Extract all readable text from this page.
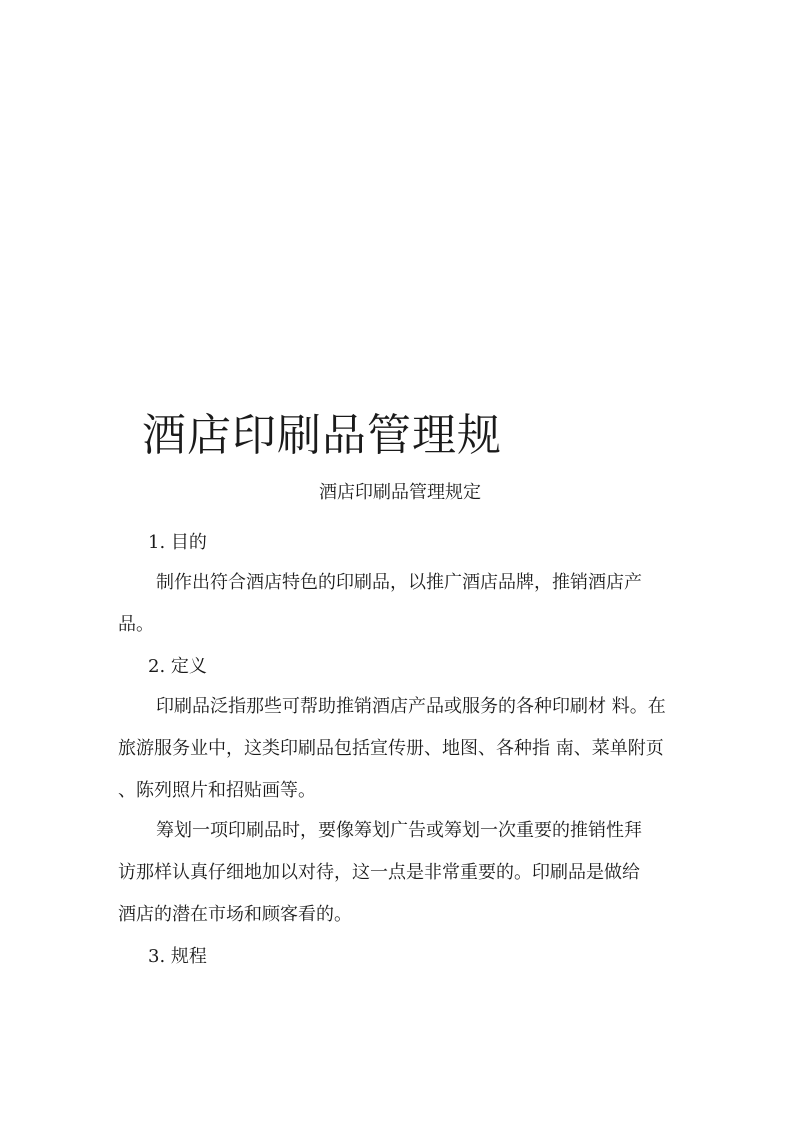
酒店印刷品管理规

酒店印刷品管理规定

1. 目的

制作出符合酒店特色的印刷品，以推广酒店品牌，推销酒店产
品。

2. 定义

印刷品泛指那些可帮助推销酒店产品或服务的各种印刷材 料。在
旅游服务业中，这类印刷品包括宣传册、地图、各种指 南、菜单附页
、陈列照片和招贴画等。
筹划一项印刷品时，要像筹划广告或筹划一次重要的推销性拜
访那样认真仔细地加以对待，这一点是非常重要的。印刷品是做给
酒店的潜在市场和顾客看的。

3. 规程
